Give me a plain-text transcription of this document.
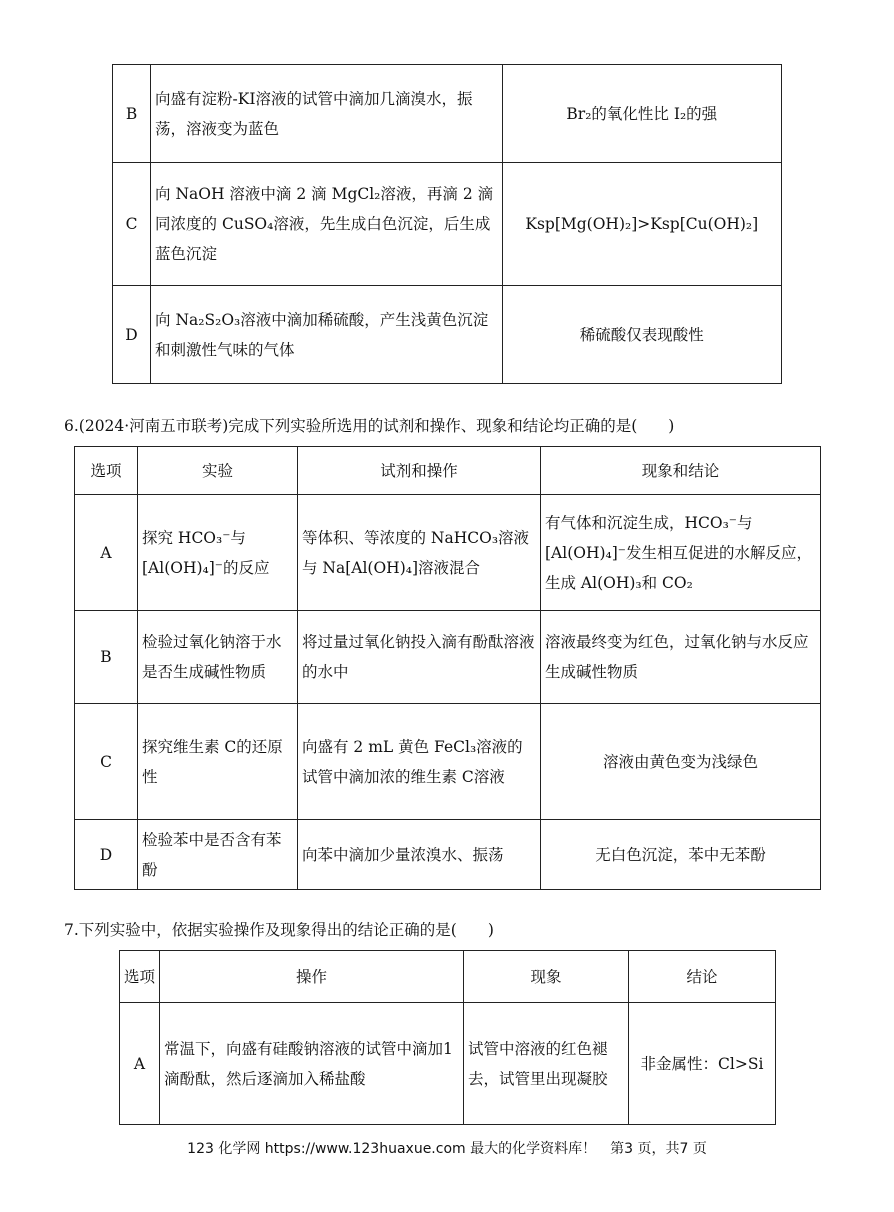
B	向盛有淀粉-KI溶液的试管中滴加几滴溴水，振荡，溶液变为蓝色	Br₂的氧化性比 I₂的强
C	向 NaOH 溶液中滴 2 滴 MgCl₂溶液，再滴 2 滴同浓度的 CuSO₄溶液，先生成白色沉淀，后生成蓝色沉淀	Ksp[Mg(OH)₂]>Ksp[Cu(OH)₂]
D	向 Na₂S₂O₃溶液中滴加稀硫酸，产生浅黄色沉淀和刺激性气味的气体	稀硫酸仅表现酸性
6.(2024·河南五市联考)完成下列实验所选用的试剂和操作、现象和结论均正确的是(　　)
选项	实验	试剂和操作	现象和结论
A	探究 HCO₃⁻与[Al(OH)₄]⁻的反应	等体积、等浓度的 NaHCO₃溶液与 Na[Al(OH)₄]溶液混合	有气体和沉淀生成，HCO₃⁻与[Al(OH)₄]⁻发生相互促进的水解反应，生成 Al(OH)₃和 CO₂
B	检验过氧化钠溶于水是否生成碱性物质	将过量过氧化钠投入滴有酚酞溶液的水中	溶液最终变为红色，过氧化钠与水反应生成碱性物质
C	探究维生素 C的还原性	向盛有 2 mL 黄色 FeCl₃溶液的试管中滴加浓的维生素 C溶液	溶液由黄色变为浅绿色
D	检验苯中是否含有苯酚	向苯中滴加少量浓溴水、振荡	无白色沉淀，苯中无苯酚
7.下列实验中，依据实验操作及现象得出的结论正确的是(　　)
选项	操作	现象	结论
A	常温下，向盛有硅酸钠溶液的试管中滴加1滴酚酞，然后逐滴加入稀盐酸	试管中溶液的红色褪去，试管里出现凝胶	非金属性：Cl>Si
123 化学网 https://www.123huaxue.com 最大的化学资料库！　第3 页，共7 页
